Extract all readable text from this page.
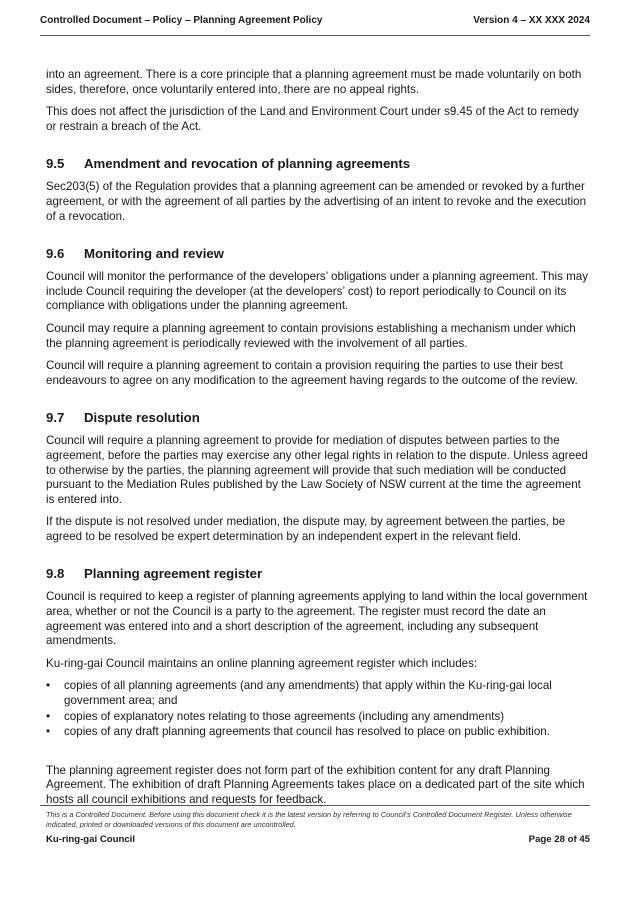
Controlled Document – Policy – Planning Agreement Policy	Version 4 – XX XXX 2024

into an agreement. There is a core principle that a planning agreement must be made voluntarily on both sides, therefore, once voluntarily entered into, there are no appeal rights.

This does not affect the jurisdiction of the Land and Environment Court under s9.45 of the Act to remedy or restrain a breach of the Act.

9.5	Amendment and revocation of planning agreements

Sec203(5) of the Regulation provides that a planning agreement can be amended or revoked by a further agreement, or with the agreement of all parties by the advertising of an intent to revoke and the execution of a revocation.

9.6	Monitoring and review

Council will monitor the performance of the developers’ obligations under a planning agreement. This may include Council requiring the developer (at the developers’ cost) to report periodically to Council on its compliance with obligations under the planning agreement.

Council may require a planning agreement to contain provisions establishing a mechanism under which the planning agreement is periodically reviewed with the involvement of all parties.

Council will require a planning agreement to contain a provision requiring the parties to use their best endeavours to agree on any modification to the agreement having regards to the outcome of the review.

9.7	Dispute resolution

Council will require a planning agreement to provide for mediation of disputes between parties to the agreement, before the parties may exercise any other legal rights in relation to the dispute. Unless agreed to otherwise by the parties, the planning agreement will provide that such mediation will be conducted pursuant to the Mediation Rules published by the Law Society of NSW current at the time the agreement is entered into.

If the dispute is not resolved under mediation, the dispute may, by agreement between the parties, be agreed to be resolved be expert determination by an independent expert in the relevant field.

9.8	Planning agreement register

Council is required to keep a register of planning agreements applying to land within the local government area, whether or not the Council is a party to the agreement. The register must record the date an agreement was entered into and a short description of the agreement, including any subsequent amendments.

Ku-ring-gai Council maintains an online planning agreement register which includes:

• copies of all planning agreements (and any amendments) that apply within the Ku-ring-gai local government area; and
• copies of explanatory notes relating to those agreements (including any amendments)
• copies of any draft planning agreements that council has resolved to place on public exhibition.

The planning agreement register does not form part of the exhibition content for any draft Planning Agreement. The exhibition of draft Planning Agreements takes place on a dedicated part of the site which hosts all council exhibitions and requests for feedback.

This is a Controlled Document. Before using this document check it is the latest version by referring to Council’s Controlled Document Register. Unless otherwise indicated, printed or downloaded versions of this document are uncontrolled.
Ku-ring-gai Council	Page 28 of 45
